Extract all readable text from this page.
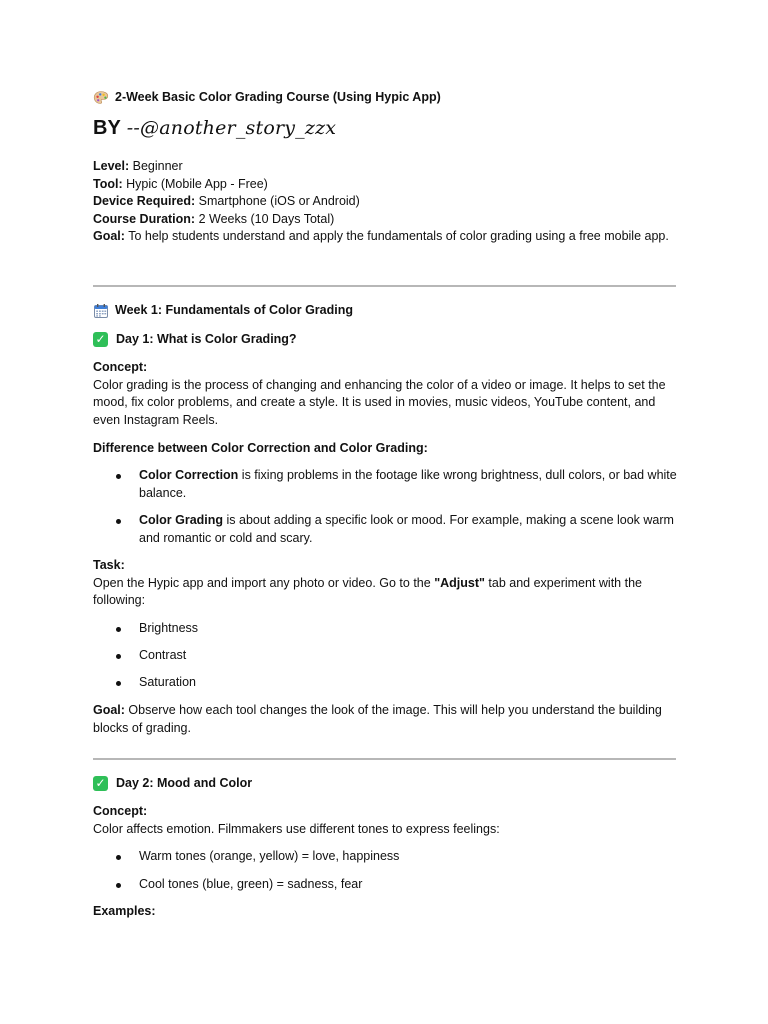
2-Week Basic Color Grading Course (Using Hypic App)
BY --@another_story_zzx

Level: Beginner

Tool: Hypic (Mobile App - Free)

Device Required: Smartphone (iOS or Android)

Course Duration: 2 Weeks (10 Days Total)

Goal: To help students understand and apply the fundamentals of color grading using a free mobile app.

Week 1: Fundamentals of Color Grading
✓ Day 1: What is Color Grading?

Concept:

Color grading is the process of changing and enhancing the color of a video or image. It helps to set the mood, fix color problems, and create a style. It is used in movies, music videos, YouTube content, and even Instagram Reels.

Difference between Color Correction and Color Grading:
Color Correction is fixing problems in the footage like wrong brightness, dull colors, or bad white balance.
Color Grading is about adding a specific look or mood. For example, making a scene look warm and romantic or cold and scary.

Task:

Open the Hypic app and import any photo or video. Go to the "Adjust" tab and experiment with the following:

Brightness
Contrast
Saturation

Goal: Observe how each tool changes the look of the image. This will help you understand the building blocks of grading.

✓ Day 2: Mood and Color

Concept:

Color affects emotion. Filmmakers use different tones to express feelings:

Warm tones (orange, yellow) = love, happiness
Cool tones (blue, green) = sadness, fear
Examples:
